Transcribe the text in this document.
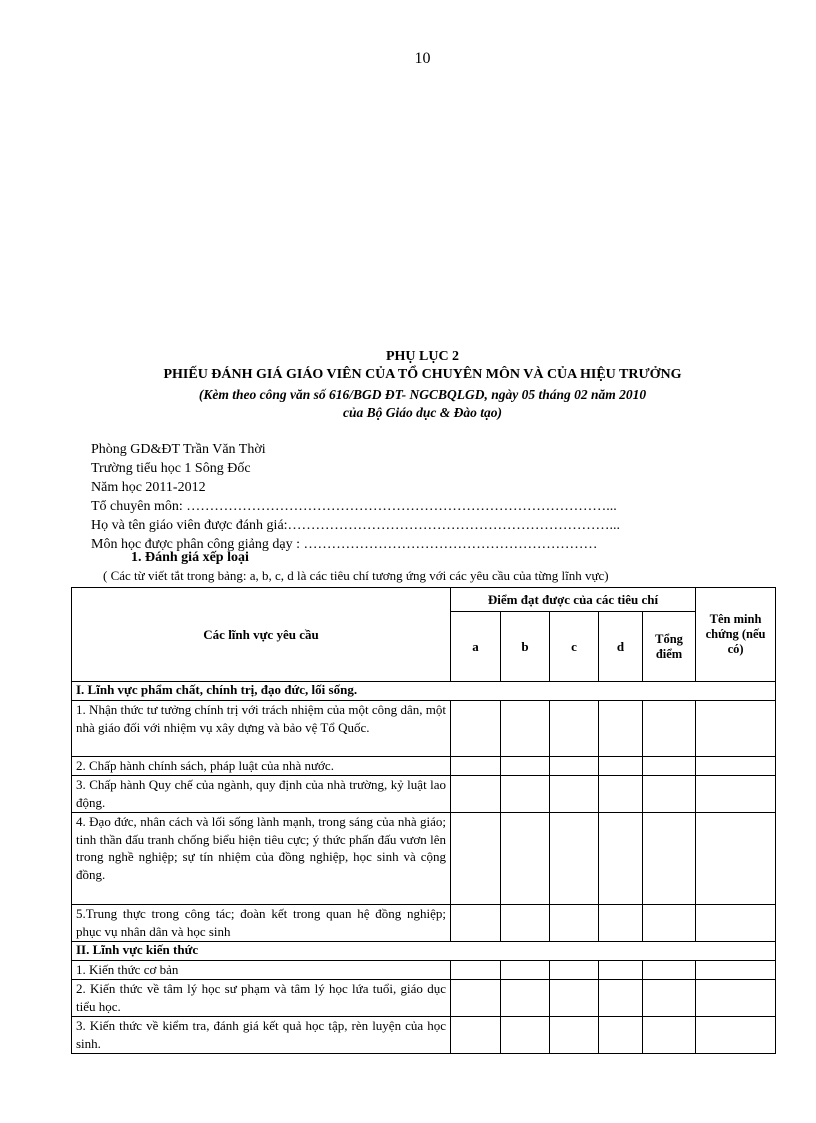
10
PHỤ LỤC 2
PHIẾU ĐÁNH GIÁ GIÁO VIÊN CỦA TỔ CHUYÊN MÔN VÀ CỦA HIỆU TRƯỞNG
(Kèm theo công văn số 616/BGD ĐT- NGCBQLGD, ngày 05 tháng 02 năm 2010
của Bộ Giáo dục & Đào tạo)
Phòng GD&ĐT Trần Văn Thời
Trường tiểu học 1 Sông Đốc
Năm học 2011-2012
Tổ chuyên môn: ………………………………………………………………………………...
Họ và tên giáo viên được đánh giá:……………………………………………………………...
Môn học được phân công giảng dạy : ………………………………………………………
1. Đánh giá xếp loại
( Các từ viết tắt trong bảng: a, b, c, d là các tiêu chí tương ứng với các yêu cầu của từng lĩnh vực)
Các lĩnh vực yêu cầu	Điểm đạt được của các tiêu chí					Tên minh chứng (nếu có)
	a	b	c	d	Tổng điểm	
I. Lĩnh vực phẩm chất, chính trị, đạo đức, lối sống.						
1. Nhận thức tư tưởng chính trị với trách nhiệm của một công dân, một nhà giáo đối với nhiệm vụ xây dựng và bảo vệ Tổ Quốc.						
2. Chấp hành chính sách, pháp luật của nhà nước.						
3. Chấp hành Quy chế của ngành, quy định của nhà trường, kỷ luật lao động.						
4. Đạo đức, nhân cách và lối sống lành mạnh, trong sáng của nhà giáo; tinh thần đấu tranh chống biểu hiện tiêu cực; ý thức phấn đấu vươn lên trong nghề nghiệp; sự tín nhiệm của đồng nghiệp, học sinh và cộng đồng.						
5.Trung thực trong công tác; đoàn kết trong quan hệ đồng nghiệp; phục vụ nhân dân và học sinh						
II. Lĩnh vực kiến thức						
1. Kiến thức cơ bản						
2. Kiến thức về tâm lý học sư phạm và tâm lý học lứa tuổi, giáo dục tiểu học.						
3. Kiến thức về kiểm tra, đánh giá kết quả học tập, rèn luyện của học sinh.						
